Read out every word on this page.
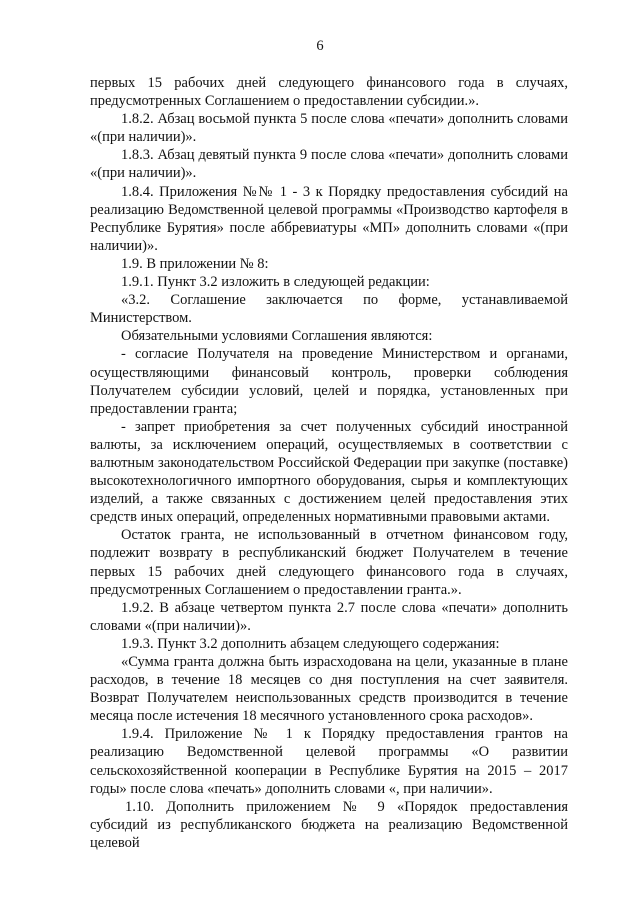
6

первых 15 рабочих дней следующего финансового года в случаях, предусмотренных Соглашением о предоставлении субсидии.».

1.8.2. Абзац восьмой пункта 5 после слова «печати» дополнить словами «(при наличии)».

1.8.3. Абзац девятый пункта 9 после слова «печати» дополнить словами «(при наличии)».

1.8.4. Приложения №№ 1 - 3 к Порядку предоставления субсидий на реализацию Ведомственной целевой программы «Производство картофеля в Республике Бурятия» после аббревиатуры «МП» дополнить словами «(при наличии)».

1.9. В приложении № 8:

1.9.1. Пункт 3.2 изложить в следующей редакции:

«3.2. Соглашение заключается по форме, устанавливаемой Министерством.

Обязательными условиями Соглашения являются:

- согласие Получателя на проведение Министерством и органами, осуществляющими финансовый контроль, проверки соблюдения Получателем субсидии условий, целей и порядка, установленных при предоставлении гранта;

- запрет приобретения за счет полученных субсидий иностранной валюты, за исключением операций, осуществляемых в соответствии с валютным законодательством Российской Федерации при закупке (поставке) высокотехнологичного импортного оборудования, сырья и комплектующих изделий, а также связанных с достижением целей предоставления этих средств иных операций, определенных нормативными правовыми актами.

Остаток гранта, не использованный в отчетном финансовом году, подлежит возврату в республиканский бюджет Получателем в течение первых 15 рабочих дней следующего финансового года в случаях, предусмотренных Соглашением о предоставлении гранта.».

1.9.2. В абзаце четвертом пункта 2.7 после слова «печати» дополнить словами «(при наличии)».

1.9.3. Пункт 3.2 дополнить абзацем следующего содержания:

«Сумма гранта должна быть израсходована на цели, указанные в плане расходов, в течение 18 месяцев со дня поступления на счет заявителя. Возврат Получателем неиспользованных средств производится в течение месяца после истечения 18 месячного установленного срока расходов».

1.9.4. Приложение № 1 к Порядку предоставления грантов на реализацию Ведомственной целевой программы «О развитии сельскохозяйственной кооперации в Республике Бурятия на 2015 – 2017 годы» после слова «печать» дополнить словами «, при наличии».

1.10. Дополнить приложением № 9 «Порядок предоставления субсидий из республиканского бюджета на реализацию Ведомственной целевой
